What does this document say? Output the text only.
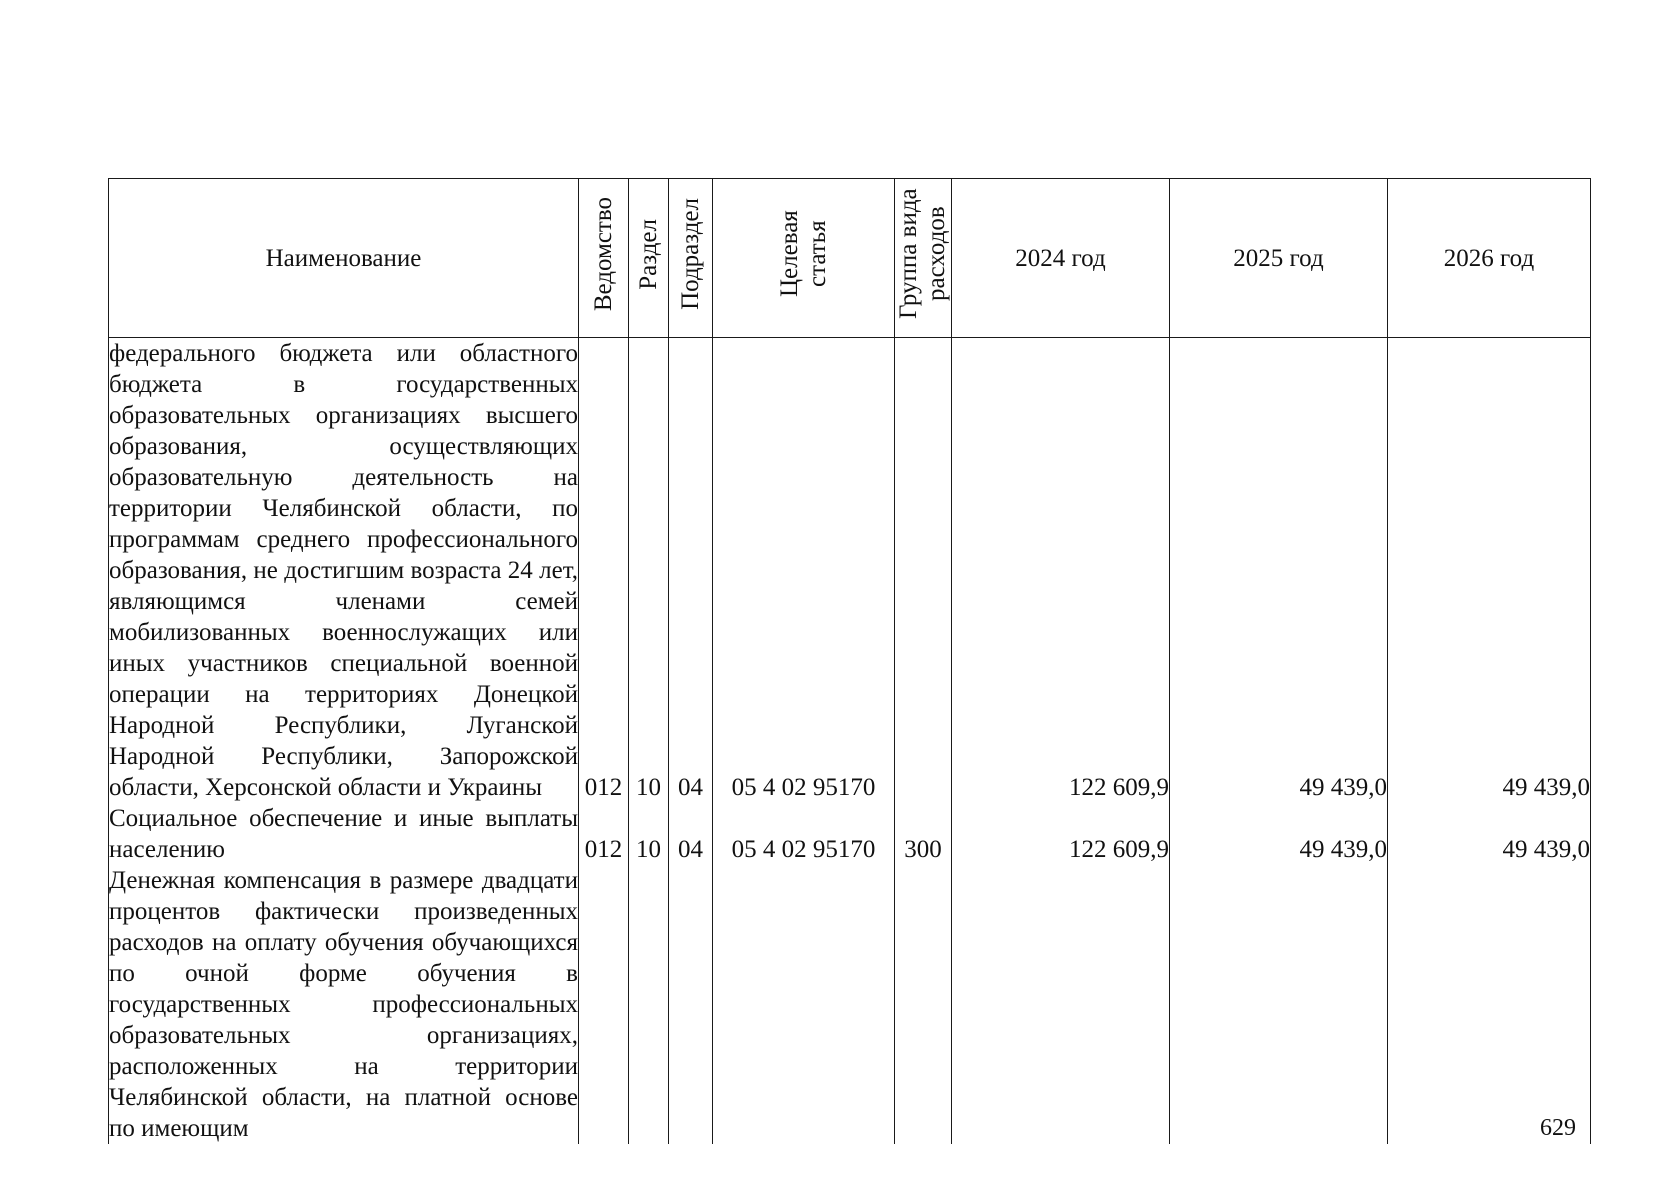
Наименование	Ведомство	Раздел	Подраздел	Целевая статья	Группа вида расходов	2024 год	2025 год	2026 год
федерального бюджета или областного бюджета в государственных образовательных организациях высшего образования, осуществляющих образовательную деятельность на территории Челябинской области, по программам среднего профессионального образования, не достигшим возраста 24 лет, являющимся членами семей мобилизованных военнослужащих или иных участников специальной военной операции на территориях Донецкой Народной Республики, Луганской Народной Республики, Запорожской области, Херсонской области и Украины	012	10	04	05 4 02 95170		122 609,9	49 439,0	49 439,0
Социальное обеспечение и иные выплаты населению	012	10	04	05 4 02 95170	300	122 609,9	49 439,0	49 439,0
Денежная компенсация в размере двадцати процентов фактически произведенных расходов на оплату обучения обучающихся по очной форме обучения в государственных профессиональных образовательных организациях, расположенных на территории Челябинской области, на платной основе по имеющим									629
